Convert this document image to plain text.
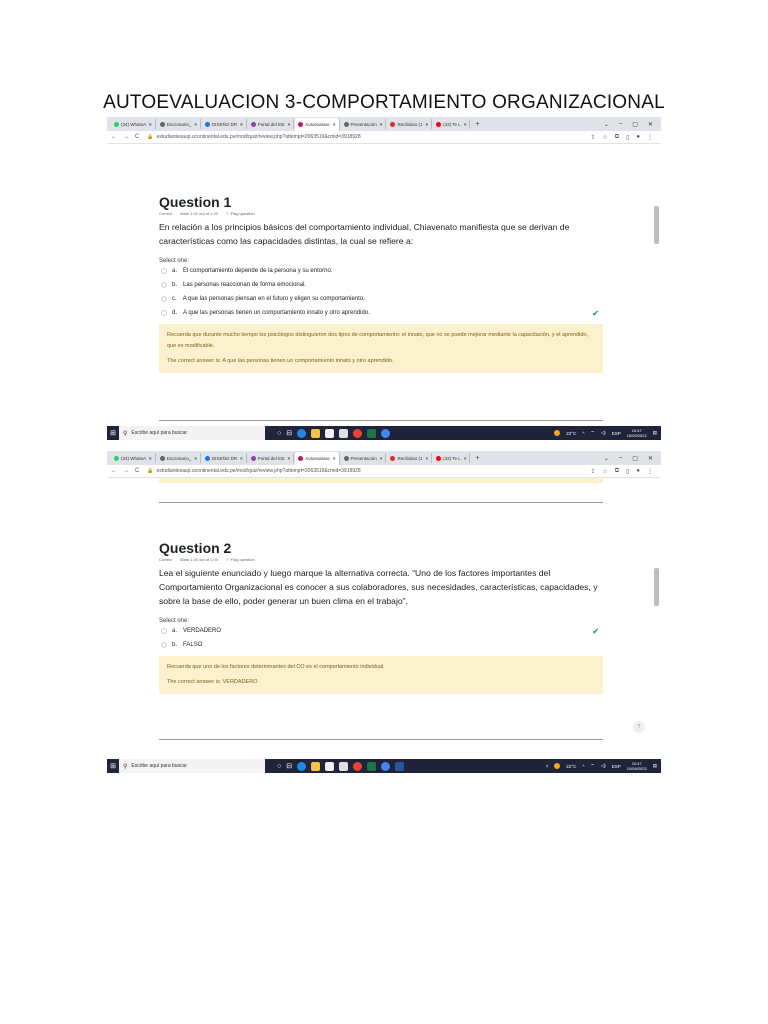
AUTOEVALUACION 3-COMPORTAMIENTO ORGANIZACIONAL
(34) WhatsA ×	Diccionario_ ×	DISEÑO DR ×	Portal del Est ×	Autoevaluac ×	Presentación ×	Recibidos (1 ×	(43) Te L × +	⌄ – ▢ ✕
← → C 🔒 estudiantesaup.ucontinental.edu.pe/mod/quiz/review.php?attempt=2063519&cmid=3918928	⇪ ☆ ⧉ ▯ ● ⋮
Question 1
Correct Mark 1.00 out of 1.00 ⚐ Flag question
En relación a los principios básicos del comportamiento individual, Chiavenato manifiesta que se derivan de características como las capacidades distintas, la cual se refiere a:
Select one:
a. El comportamiento depende de la persona y su entorno.
b. Las personas reaccionan de forma emocional.
c. A que las personas piensan en el futuro y eligen su comportamiento.
d. A que las personas tienen un comportamiento innato y otro aprendido.	✔
Recuerda que durante mucho tiempo los psicólogos distinguieron dos tipos de comportamiento: el innato, que no se puede mejorar mediante la capacitación, y el aprendido, que es modificable.
The correct answer is: A que las personas tienen un comportamiento innato y otro aprendido.
⊞	⚲ Escribe aquí para buscar	○ ⊟	22°C ^ ⌔ ◁) ESP	10:47
10/09/2022
▤
(34) WhatsA ×	Diccionario_ ×	DISEÑO DR ×	Portal del Est ×	Autoevaluac ×	Presentación ×	Recibidos (1 ×	(43) Te L × +	⌄ – ▢ ✕
← → C 🔒 estudiantesaup.ucontinental.edu.pe/mod/quiz/review.php?attempt=2063519&cmid=3918928	⇪ ☆ ⧉ ▯ ● ⋮
Question 2
Correct Mark 1.00 out of 1.00 ⚐ Flag question
Lea el siguiente enunciado y luego marque la alternativa correcta. “Uno de los factores importantes del Comportamiento Organizacional es conocer a sus colaboradores, sus necesidades, características, capacidades, y sobre la base de ello, poder generar un buen clima en el trabajo”.
Select one:
a. VERDADERO	✔
b. FALSO
Recuerda que uno de los factores determinantes del CO es el comportamiento individual.
The correct answer is: VERDADERO
↑
⊞	⚲ Escribe aquí para buscar	○ ⊟	?	22°C ^ ⌔ ◁) ESP	10:47
10/09/2022
▤
